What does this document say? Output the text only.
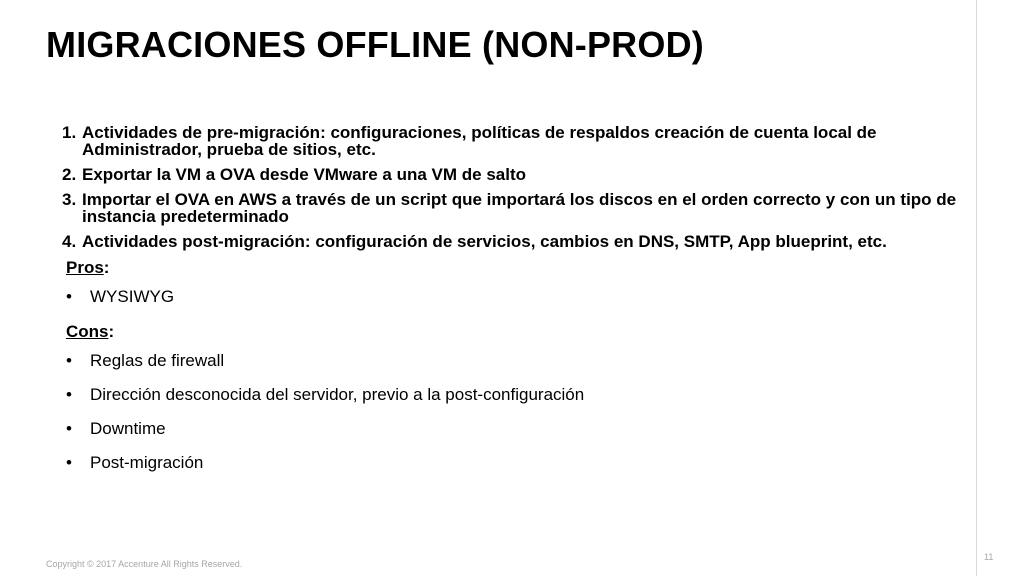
MIGRACIONES OFFLINE (NON-PROD)
1. Actividades de pre-migración: configuraciones, políticas de respaldos creación de cuenta local de Administrador, prueba de sitios, etc.
2. Exportar la VM a OVA desde VMware a una VM de salto
3. Importar el OVA en AWS a través de un script que importará los discos en el orden correcto y con un tipo de instancia predeterminado
4. Actividades post-migración: configuración de servicios, cambios en DNS, SMTP, App blueprint, etc.
Pros:
• WYSIWYG
Cons:
• Reglas de firewall
• Dirección desconocida del servidor, previo a la post-configuración
• Downtime
• Post-migración
Copyright © 2017 Accenture All Rights Reserved.
11
